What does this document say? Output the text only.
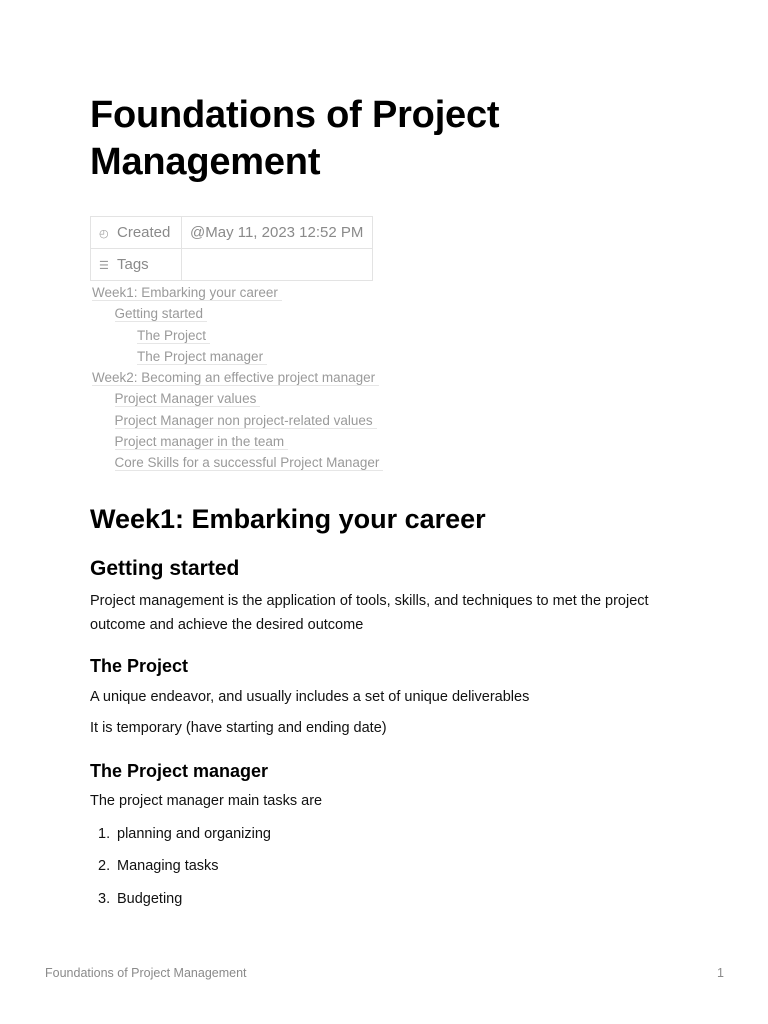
Foundations of Project Management
◴ Created	@May 11, 2023 12:52 PM
☰ Tags	
Week1: Embarking your career
Getting started
The Project
The Project manager
Week2: Becoming an effective project manager
Project Manager values
Project Manager non project-related values
Project manager in the team
Core Skills for a successful Project Manager
Week1: Embarking your career
Getting started

Project management is the application of tools, skills, and techniques to met the project outcome and achieve the desired outcome

The Project

A unique endeavor, and usually includes a set of unique deliverables

It is temporary (have starting and ending date)

The Project manager

The project manager main tasks are

1. planning and organizing
2. Managing tasks
3. Budgeting
Foundations of Project Management	1
